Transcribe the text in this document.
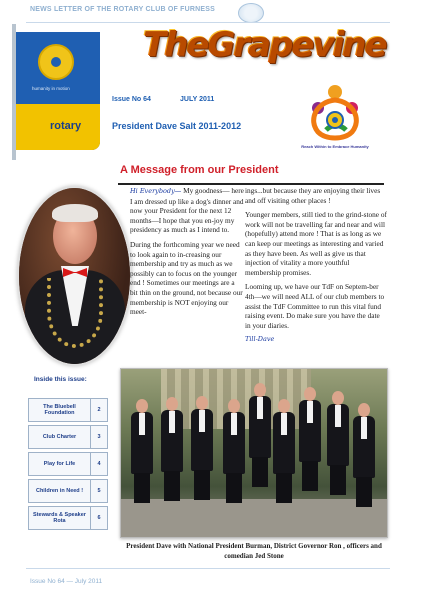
NEWS LETTER OF THE ROTARY CLUB OF FURNESS
humanity in motion
rotary
TheGrapevine
Issue No 64	JULY 2011
President Dave Salt 2011-2012
Reach Within to Embrace Humanity
A Message from our President

Hi Everybody— My goodness— here I am dressed up like a dog's dinner and now your President for the next 12 months—I hope that you en-joy my presidency as much as I intend to.

During the forthcoming year we need to look again to in-creasing our membership and try as much as we possibly can to focus on the younger end ! Sometimes our meetings are a bit thin on the ground, not because our membership is NOT enjoying our meet-

ings...but because they are enjoying their lives and off visiting other places !

Younger members, still tied to the grind-stone of work will not be travelling far and near and will (hopefully) attend more ! That is as long as we can keep our meetings as interesting and varied as they have been. As well as give us that injection of vitality a more youthful membership promises.

Looming up, we have our TdF on Septem-ber 4th—we will need ALL of our club members to assist the TdF Committee to run this vital fund raising event. Do make sure you have the date in your diaries.

Till-Dave

Inside this issue:
The Bluebell Foundation	2
Club Charter	3
Play for Life	4
Children in Need !	5
Stewards & Speaker Rota	6
President Dave with National President Burman, District Governor Ron , officers and comedian Jed Stone
Issue No 64 — July 2011
